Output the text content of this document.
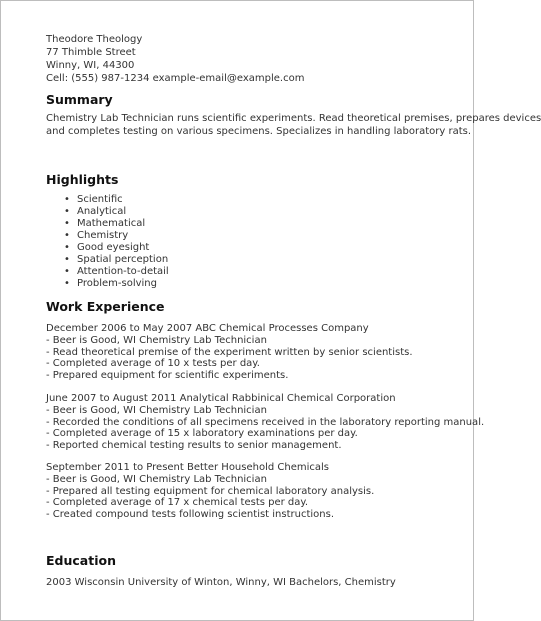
Theodore Theology
77 Thimble Street
Winny, WI, 44300
Cell: (555) 987-1234 example-email@example.com
Summary
Chemistry Lab Technician runs scientific experiments. Read theoretical premises, prepares devices
and completes testing on various specimens. Specializes in handling laboratory rats.
Highlights
• Scientific
• Analytical
• Mathematical
• Chemistry
• Good eyesight
• Spatial perception
• Attention-to-detail
• Problem-solving
Work Experience
December 2006 to May 2007 ABC Chemical Processes Company
- Beer is Good, WI Chemistry Lab Technician
- Read theoretical premise of the experiment written by senior scientists.
- Completed average of 10 x tests per day.
- Prepared equipment for scientific experiments.
June 2007 to August 2011 Analytical Rabbinical Chemical Corporation
- Beer is Good, WI Chemistry Lab Technician
- Recorded the conditions of all specimens received in the laboratory reporting manual.
- Completed average of 15 x laboratory examinations per day.
- Reported chemical testing results to senior management.
September 2011 to Present Better Household Chemicals
- Beer is Good, WI Chemistry Lab Technician
- Prepared all testing equipment for chemical laboratory analysis.
- Completed average of 17 x chemical tests per day.
- Created compound tests following scientist instructions.
Education
2003 Wisconsin University of Winton, Winny, WI Bachelors, Chemistry
